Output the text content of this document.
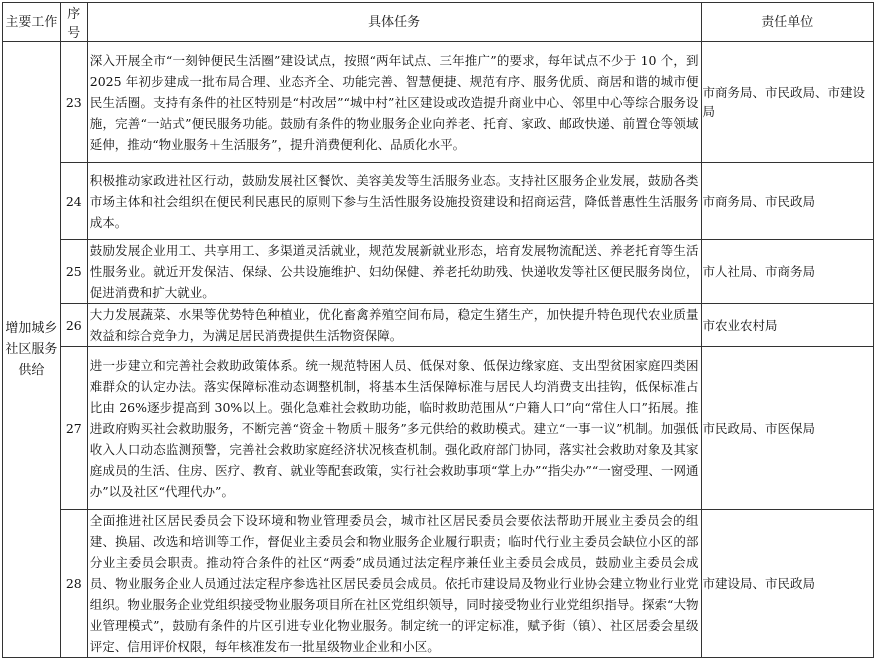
主要工作	序号	具体任务	责任单位
增加城乡社区服务供给	23	深入开展全市“一刻钟便民生活圈”建设试点，按照“两年试点、三年推广”的要求，每年试点不少于 10 个，到 2025 年初步建成一批布局合理、业态齐全、功能完善、智慧便捷、规范有序、服务优质、商居和谐的城市便民生活圈。支持有条件的社区特别是“村改居”“城中村”社区建设或改造提升商业中心、邻里中心等综合服务设施，完善“一站式”便民服务功能。鼓励有条件的物业服务企业向养老、托育、家政、邮政快递、前置仓等领域延伸，推动“物业服务＋生活服务”，提升消费便利化、品质化水平。	市商务局、市民政局、市建设局
	24	积极推动家政进社区行动，鼓励发展社区餐饮、美容美发等生活服务业态。支持社区服务企业发展，鼓励各类市场主体和社会组织在便民利民惠民的原则下参与生活性服务设施投资建设和招商运营，降低普惠性生活服务成本。	市商务局、市民政局
	25	鼓励发展企业用工、共享用工、多渠道灵活就业，规范发展新就业形态，培育发展物流配送、养老托育等生活性服务业。就近开发保洁、保绿、公共设施维护、妇幼保健、养老托幼助残、快递收发等社区便民服务岗位，促进消费和扩大就业。	市人社局、市商务局
	26	大力发展蔬菜、水果等优势特色种植业，优化畜禽养殖空间布局，稳定生猪生产，加快提升特色现代农业质量效益和综合竞争力，为满足居民消费提供生活物资保障。	市农业农村局
	27	进一步建立和完善社会救助政策体系。统一规范特困人员、低保对象、低保边缘家庭、支出型贫困家庭四类困难群众的认定办法。落实保障标准动态调整机制，将基本生活保障标准与居民人均消费支出挂钩，低保标准占比由 26%逐步提高到 30%以上。强化急难社会救助功能，临时救助范围从“户籍人口”向“常住人口”拓展。推进政府购买社会救助服务，不断完善“资金＋物质＋服务”多元供给的救助模式。建立“一事一议”机制。加强低收入人口动态监测预警，完善社会救助家庭经济状况核查机制。强化政府部门协同，落实社会救助对象及其家庭成员的生活、住房、医疗、教育、就业等配套政策，实行社会救助事项“掌上办”“指尖办”“一窗受理、一网通办”以及社区“代理代办”。	市民政局、市医保局
	28	全面推进社区居民委员会下设环境和物业管理委员会，城市社区居民委员会要依法帮助开展业主委员会的组建、换届、改选和培训等工作，督促业主委员会和物业服务企业履行职责；临时代行业主委员会缺位小区的部分业主委员会职责。推动符合条件的社区“两委”成员通过法定程序兼任业主委员会成员，鼓励业主委员会成员、物业服务企业人员通过法定程序参选社区居民委员会成员。依托市建设局及物业行业协会建立物业行业党组织。物业服务企业党组织接受物业服务项目所在社区党组织领导，同时接受物业行业党组织指导。探索“大物业管理模式”，鼓励有条件的片区引进专业化物业服务。制定统一的评定标准，赋予街（镇）、社区居委会星级评定、信用评价权限，每年核准发布一批星级物业企业和小区。	市建设局、市民政局
